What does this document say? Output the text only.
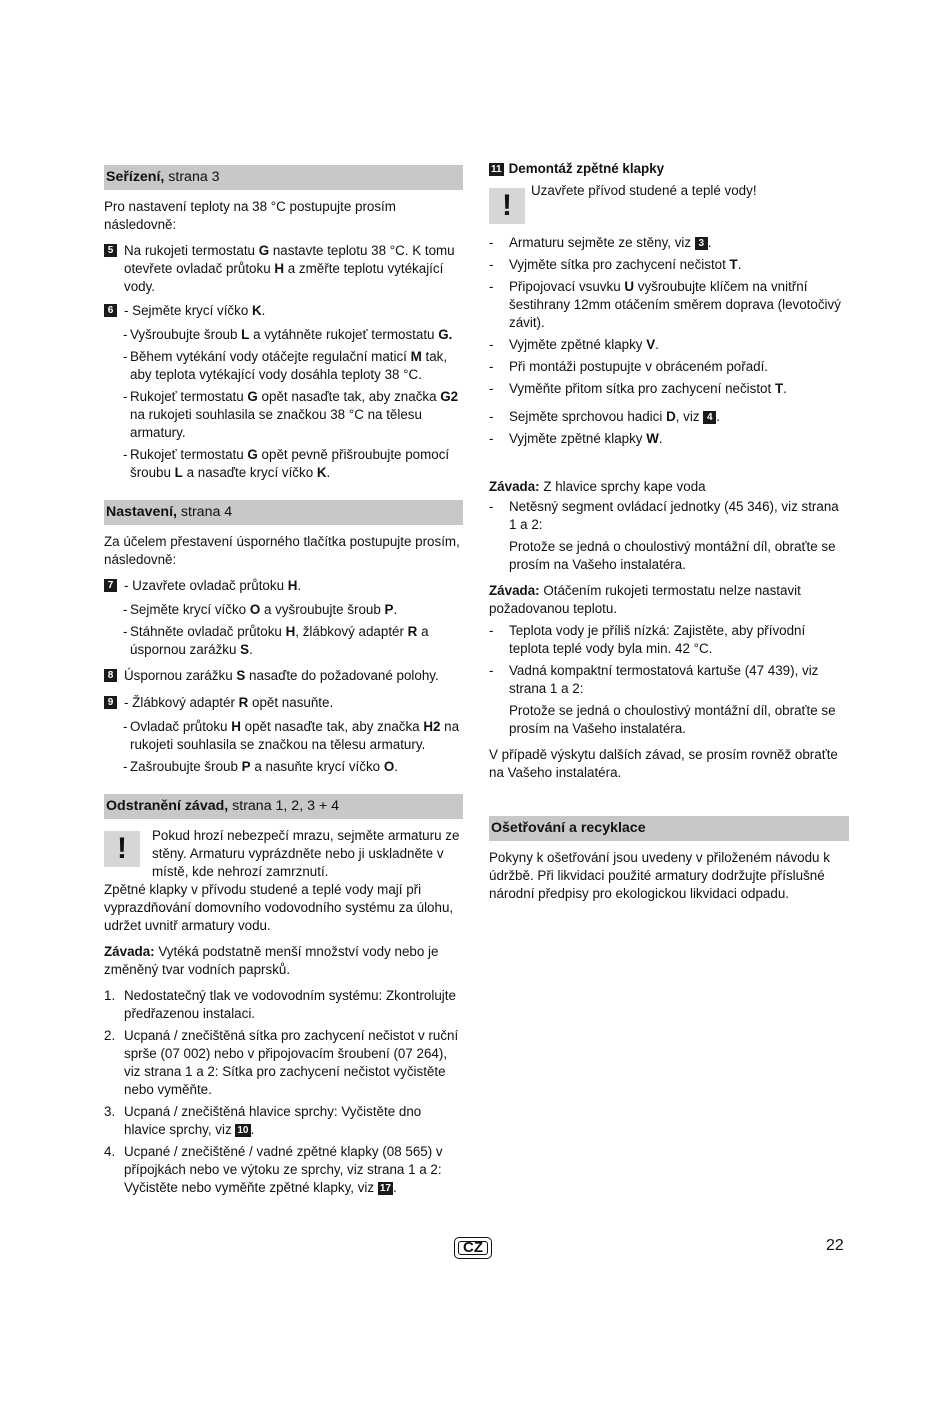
Seřízení, strana 3

Pro nastavení teploty na 38 °C postupujte prosím následovně:

5 Na rukojeti termostatu G nastavte teplotu 38 °C. K tomu otevřete ovladač průtoku H a změřte teplotu vytékající vody.
6 - Sejměte krycí víčko K.
- Vyšroubujte šroub L a vytáhněte rukojeť termostatu G.
- Během vytékání vody otáčejte regulační maticí M tak, aby teplota vytékající vody dosáhla teploty 38 °C.
- Rukojeť termostatu G opět nasaďte tak, aby značka G2 na rukojeti souhlasila se značkou 38 °C na tělesu armatury.
- Rukojeť termostatu G opět pevně přišroubujte pomocí šroubu L a nasaďte krycí víčko K.
Nastavení, strana 4

Za účelem přestavení úsporného tlačítka postupujte prosím, následovně:

7 - Uzavřete ovladač průtoku H.
- Sejměte krycí víčko O a vyšroubujte šroub P.
- Stáhněte ovladač průtoku H, žlábkový adaptér R a úspornou zarážku S.
8 Úspornou zarážku S nasaďte do požadované polohy.
9 - Žlábkový adaptér R opět nasuňte.
- Ovladač průtoku H opět nasaďte tak, aby značka H2 na rukojeti souhlasila se značkou na tělesu armatury.
- Zašroubujte šroub P a nasuňte krycí víčko O.
Odstranění závad, strana 1, 2, 3 + 4
!	Pokud hrozí nebezpečí mrazu, sejměte armaturu ze stěny. Armaturu vyprázdněte nebo ji uskladněte v místě, kde nehrozí zamrznutí.

Zpětné klapky v přívodu studené a teplé vody mají při vyprazdňování domovního vodovodního systému za úlohu, udržet uvnitř armatury vodu.

Závada: Vytéká podstatně menší množství vody nebo je změněný tvar vodních paprsků.

1. Nedostatečný tlak ve vodovodním systému: Zkontrolujte předřazenou instalaci.
2. Ucpaná / znečištěná sítka pro zachycení nečistot v ruční sprše (07 002) nebo v připojovacím šroubení (07 264), viz strana 1 a 2: Sítka pro zachycení nečistot vyčistěte nebo vyměňte.
3. Ucpaná / znečištěná hlavice sprchy: Vyčistěte dno hlavice sprchy, viz 10 .
4. Ucpané / znečištěné / vadné zpětné klapky (08 565) v přípojkách nebo ve výtoku ze sprchy, viz strana 1 a 2: Vyčistěte nebo vyměňte zpětné klapky, viz 17 .
11 Demontáž zpětné klapky
!	Uzavřete přívod studené a teplé vody!
- Armaturu sejměte ze stěny, viz 3 .
- Vyjměte sítka pro zachycení nečistot T.
- Připojovací vsuvku U vyšroubujte klíčem na vnitřní šestihrany 12mm otáčením směrem doprava (levotočivý závit).
- Vyjměte zpětné klapky V.
- Při montáži postupujte v obráceném pořadí.
- Vyměňte přitom sítka pro zachycení nečistot T.
- Sejměte sprchovou hadici D, viz 4 .
- Vyjměte zpětné klapky W.
Závada: Z hlavice sprchy kape voda
- Netěsný segment ovládací jednotky (45 346), viz strana 1 a 2:

Protože se jedná o choulostivý montážní díl, obraťte se prosím na Vašeho instalatéra.

Závada: Otáčením rukojeti termostatu nelze nastavit požadovanou teplotu.
- Teplota vody je příliš nízká: Zajistěte, aby přívodní teplota teplé vody byla min. 42 °C.
- Vadná kompaktní termostatová kartuše (47 439), viz strana 1 a 2:

Protože se jedná o choulostivý montážní díl, obraťte se prosím na Vašeho instalatéra.

V případě výskytu dalších závad, se prosím rovněž obraťte na Vašeho instalatéra.

Ošetřování a recyklace

Pokyny k ošetřování jsou uvedeny v přiloženém návodu k údržbě. Při likvidaci použité armatury dodržujte příslušné národní předpisy pro ekologickou likvidaci odpadu.

CZ	22
